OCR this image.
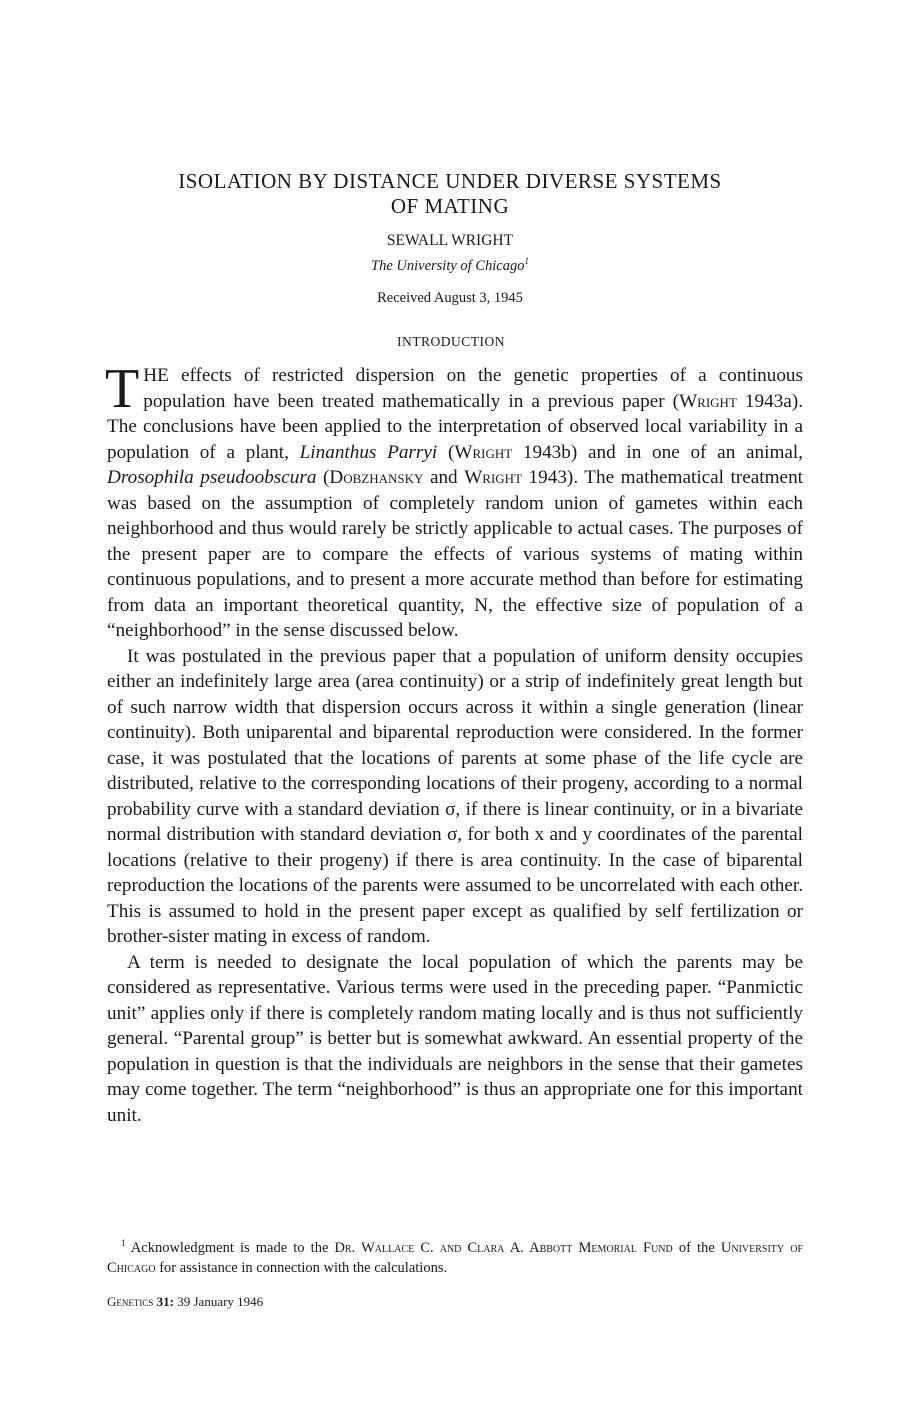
ISOLATION BY DISTANCE UNDER DIVERSE SYSTEMS
OF MATING
SEWALL WRIGHT
The University of Chicago$^1$
Received August 3, 1945
INTRODUCTION

THE effects of restricted dispersion on the genetic properties of a continuous population have been treated mathematically in a previous paper (Wright 1943a). The conclusions have been applied to the interpretation of observed local variability in a population of a plant, Linanthus Parryi (Wright 1943b) and in one of an animal, Drosophila pseudoobscura (Dobzhansky and Wright 1943). The mathematical treatment was based on the assumption of completely random union of gametes within each neighborhood and thus would rarely be strictly applicable to actual cases. The purposes of the present paper are to compare the effects of various systems of mating within continuous populations, and to present a more accurate method than before for estimating from data an important theoretical quantity, N, the effective size of population of a “neighborhood” in the sense discussed below.

It was postulated in the previous paper that a population of uniform density occupies either an indefinitely large area (area continuity) or a strip of indefinitely great length but of such narrow width that dispersion occurs across it within a single generation (linear continuity). Both uniparental and biparental reproduction were considered. In the former case, it was postulated that the locations of parents at some phase of the life cycle are distributed, relative to the corresponding locations of their progeny, according to a normal probability curve with a standard deviation σ, if there is linear continuity, or in a bivariate normal distribution with standard deviation σ, for both x and y coordinates of the parental locations (relative to their progeny) if there is area continuity. In the case of biparental reproduction the locations of the parents were assumed to be uncorrelated with each other. This is assumed to hold in the present paper except as qualified by self fertilization or brother-sister mating in excess of random.

A term is needed to designate the local population of which the parents may be considered as representative. Various terms were used in the preceding paper. “Panmictic unit” applies only if there is completely random mating locally and is thus not sufficiently general. “Parental group” is better but is somewhat awkward. An essential property of the population in question is that the individuals are neighbors in the sense that their gametes may come together. The term “neighborhood” is thus an appropriate one for this important unit.

$^1$ Acknowledgment is made to the Dr. Wallace C. and Clara A. Abbott Memorial Fund of the University of Chicago for assistance in connection with the calculations.
Genetics 31: 39 January 1946
